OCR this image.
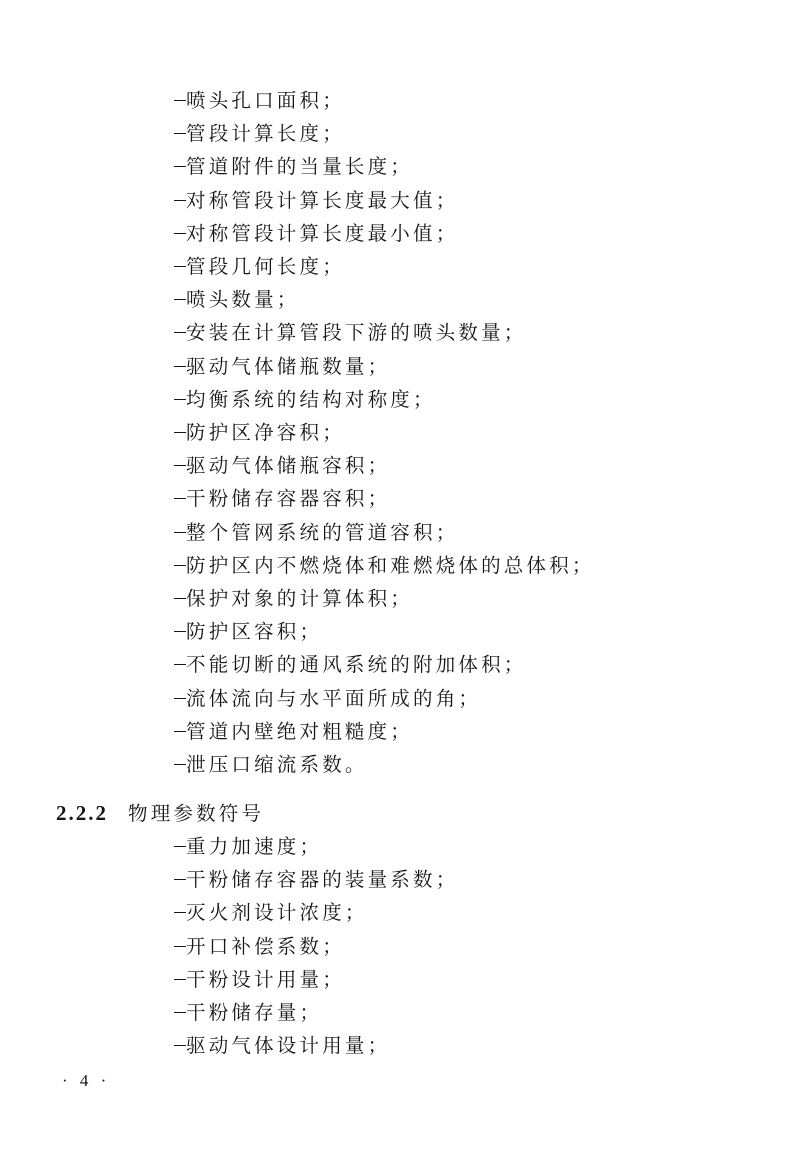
喷头孔口面积；
管段计算长度；
管道附件的当量长度；
对称管段计算长度最大值；
对称管段计算长度最小值；
管段几何长度；
喷头数量；
安装在计算管段下游的喷头数量；
驱动气体储瓶数量；
均衡系统的结构对称度；
防护区净容积；
驱动气体储瓶容积；
干粉储存容器容积；
整个管网系统的管道容积；
防护区内不燃烧体和难燃烧体的总体积；
保护对象的计算体积；
防护区容积；
不能切断的通风系统的附加体积；
流体流向与水平面所成的角；
管道内壁绝对粗糙度；
泄压口缩流系数。
2.2.2 物理参数符号
重力加速度；
干粉储存容器的装量系数；
灭火剂设计浓度；
开口补偿系数；
干粉设计用量；
干粉储存量；
驱动气体设计用量；
· 4 ·
